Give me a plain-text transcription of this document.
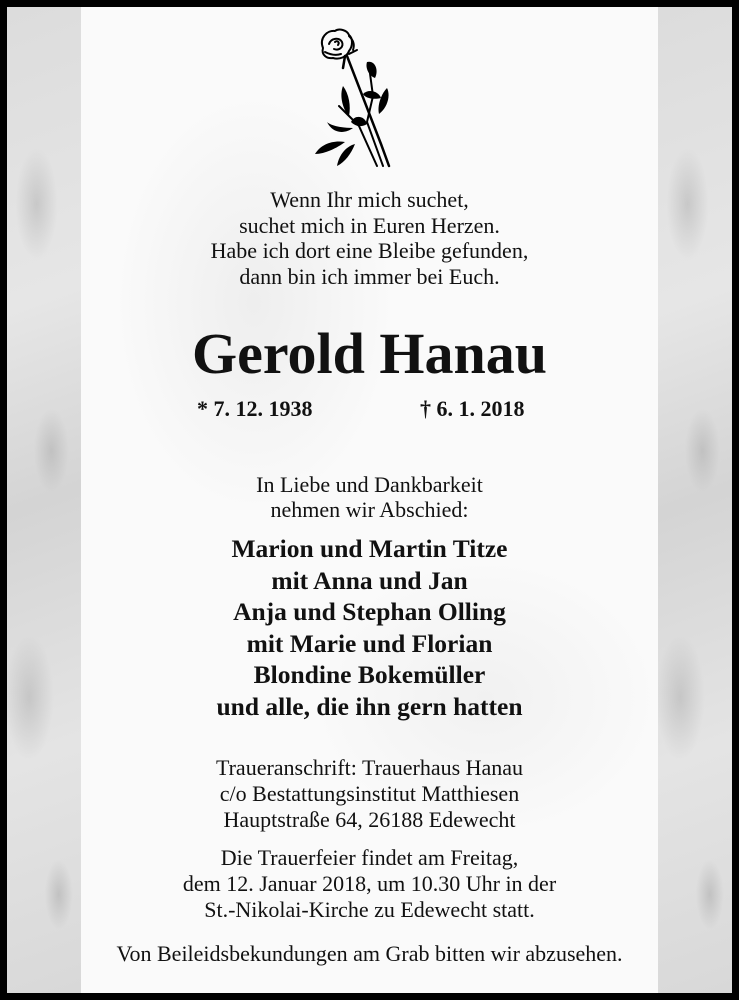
Wenn Ihr mich suchet,
suchet mich in Euren Herzen.
Habe ich dort eine Bleibe gefunden,
dann bin ich immer bei Euch.
Gerold Hanau
* 7. 12. 1938	† 6. 1. 2018
In Liebe und Dankbarkeit
nehmen wir Abschied:
Marion und Martin Titze
mit Anna und Jan
Anja und Stephan Olling
mit Marie und Florian
Blondine Bokemüller
und alle, die ihn gern hatten
Traueranschrift: Trauerhaus Hanau
c/o Bestattungsinstitut Matthiesen
Hauptstraße 64, 26188 Edewecht
Die Trauerfeier findet am Freitag,
dem 12. Januar 2018, um 10.30 Uhr in der
St.-Nikolai-Kirche zu Edewecht statt.
Von Beileidsbekundungen am Grab bitten wir abzusehen.
